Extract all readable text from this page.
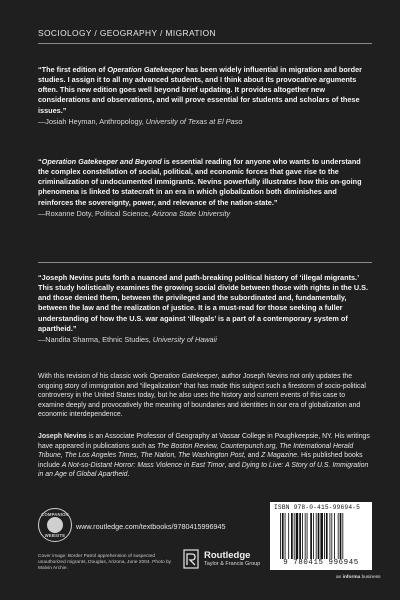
SOCIOLOGY / GEOGRAPHY / MIGRATION

“The first edition of Operation Gatekeeper has been widely influential in migration and border studies. I assign it to all my advanced students, and I think about its provocative arguments often. This new edition goes well beyond brief updating. It provides altogether new considerations and observations, and will prove essential for students and scholars of these issues.”

—Josiah Heyman, Anthropology, University of Texas at El Paso

“Operation Gatekeeper and Beyond is essential reading for anyone who wants to understand the complex constellation of social, political, and economic forces that gave rise to the criminalization of undocumented immigrants. Nevins powerfully illustrates how this on-going phenomena is linked to statecraft in an era in which globalization both diminishes and reinforces the sovereignty, power, and relevance of the nation-state.”

—Roxanne Doty, Political Science, Arizona State University

“Joseph Nevins puts forth a nuanced and path-breaking political history of ‘illegal migrants.’ This study holistically examines the growing social divide between those with rights in the U.S. and those denied them, between the privileged and the subordinated and, fundamentally, between the law and the realization of justice. It is a must-read for those seeking a fuller understanding of how the U.S. war against ‘illegals’ is a part of a contemporary system of apartheid.”

—Nandita Sharma, Ethnic Studies, University of Hawaii
With this revision of his classic work Operation Gatekeeper, author Joseph Nevins not only updates the ongoing story of immigration and “illegalization” that has made this subject such a firestorm of socio-political controversy in the United States today, but he also uses the history and current events of this case to examine deeply and provocatively the meaning of boundaries and identities in our era of globalization and economic interdependence.
Joseph Nevins is an Associate Professor of Geography at Vassar College in Poughkeepsie, NY. His writings have appeared in publications such as The Boston Review, Counterpunch.org, The International Herald Tribune, The Los Angeles Times, The Nation, The Washington Post, and Z Magazine. His published books include A Not-so-Distant Horror: Mass Violence in East Timor, and Dying to Live: A Story of U.S. Immigration in an Age of Global Apartheid.
COMPANION
WEBSITE
www.routledge.com/textbooks/9780415996945
Cover image: Border Patrol apprehension of suspected unauthorized migrants, Douglas, Arizona, June 2004. Photo by Malvin Archie.
Routledge
Taylor & Francis Group
ISBN 978-0-415-99694-5
9 780415 996945
an informa business
